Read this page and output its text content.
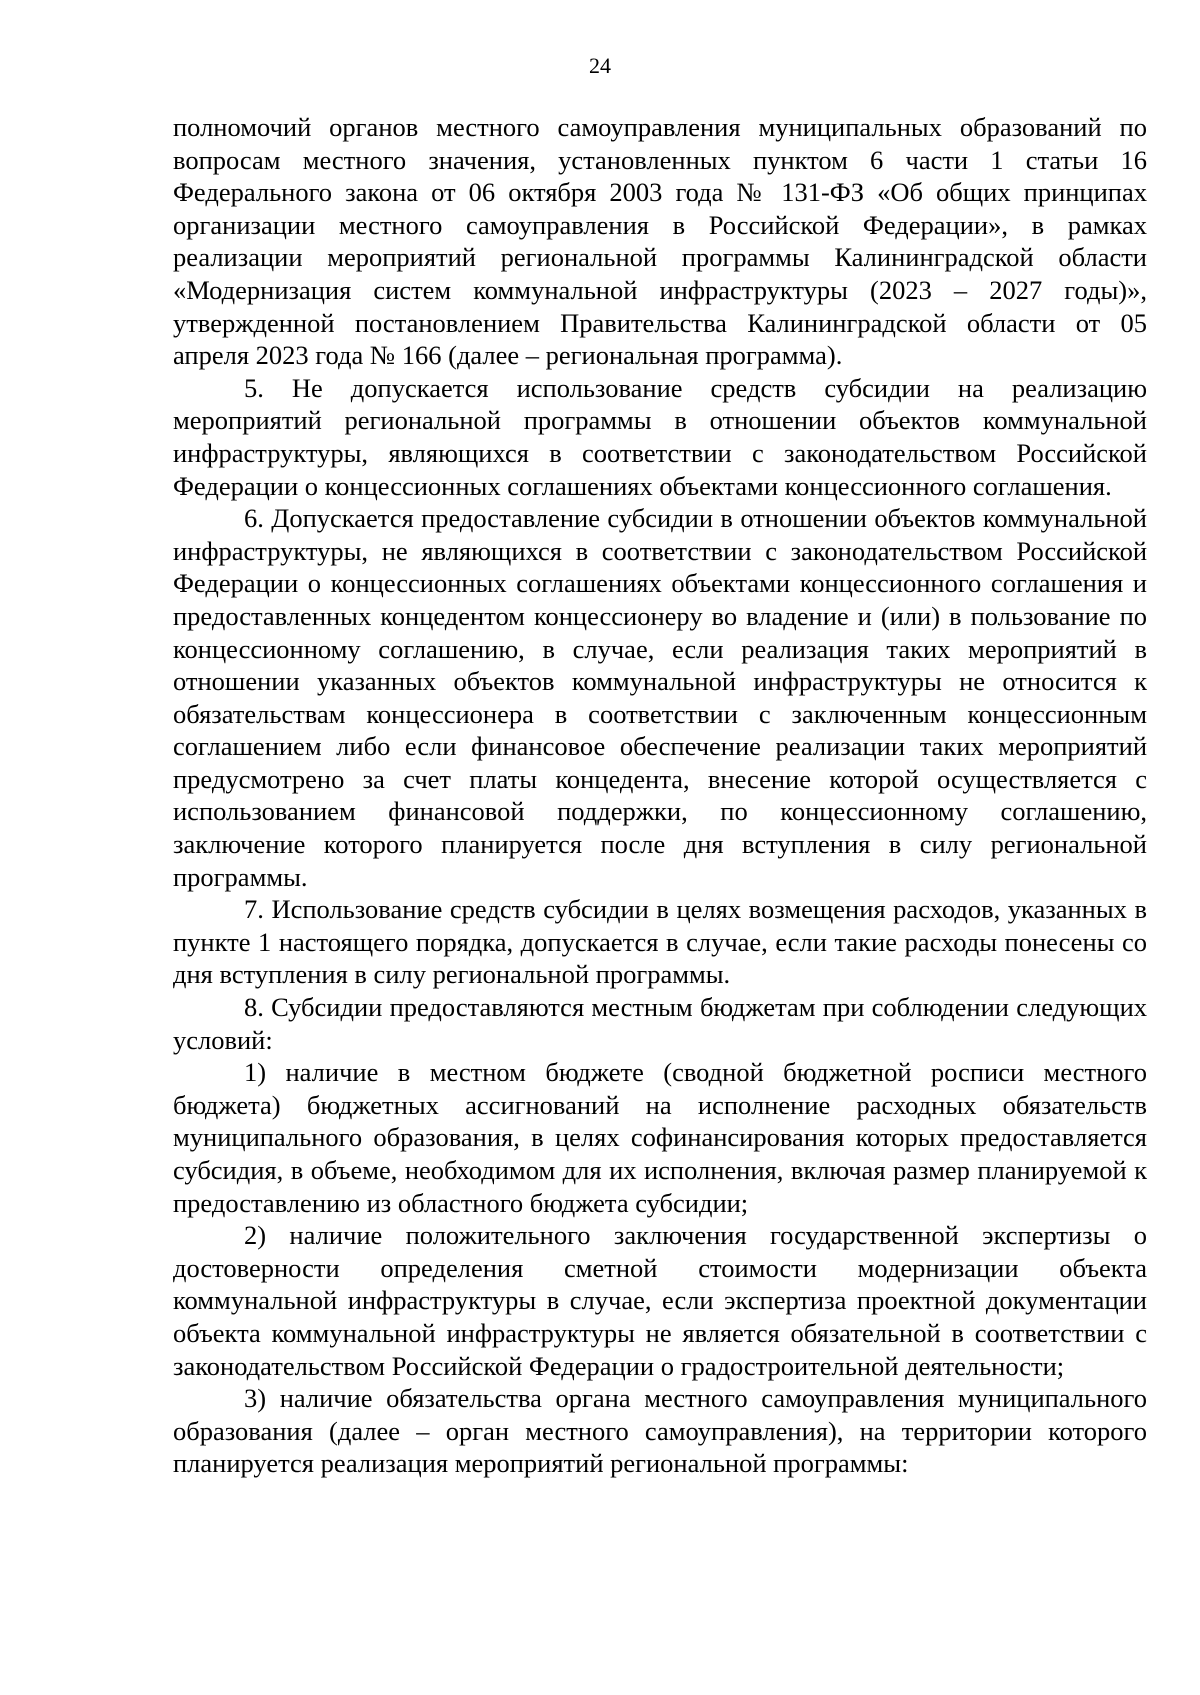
24

полномочий органов местного самоуправления муниципальных образований по вопросам местного значения, установленных пунктом 6 части 1 статьи 16 Федерального закона от 06 октября 2003 года № 131-ФЗ «Об общих принципах организации местного самоуправления в Российской Федерации», в рамках реализации мероприятий региональной программы Калининградской области «Модернизация систем коммунальной инфраструктуры (2023 – 2027 годы)», утвержденной постановлением Правительства Калининградской области от 05 апреля 2023 года № 166 (далее – региональная программа).

5. Не допускается использование средств субсидии на реализацию мероприятий региональной программы в отношении объектов коммунальной инфраструктуры, являющихся в соответствии с законодательством Российской Федерации о концессионных соглашениях объектами концессионного соглашения.

6. Допускается предоставление субсидии в отношении объектов коммунальной инфраструктуры, не являющихся в соответствии с законодательством Российской Федерации о концессионных соглашениях объектами концессионного соглашения и предоставленных концедентом концессионеру во владение и (или) в пользование по концессионному соглашению, в случае, если реализация таких мероприятий в отношении указанных объектов коммунальной инфраструктуры не относится к обязательствам концессионера в соответствии с заключенным концессионным соглашением либо если финансовое обеспечение реализации таких мероприятий предусмотрено за счет платы концедента, внесение которой осуществляется с использованием финансовой поддержки, по концессионному соглашению, заключение которого планируется после дня вступления в силу региональной программы.

7. Использование средств субсидии в целях возмещения расходов, указанных в пункте 1 настоящего порядка, допускается в случае, если такие расходы понесены со дня вступления в силу региональной программы.

8. Субсидии предоставляются местным бюджетам при соблюдении следующих условий:

1) наличие в местном бюджете (сводной бюджетной росписи местного бюджета) бюджетных ассигнований на исполнение расходных обязательств муниципального образования, в целях софинансирования которых предоставляется субсидия, в объеме, необходимом для их исполнения, включая размер планируемой к предоставлению из областного бюджета субсидии;

2) наличие положительного заключения государственной экспертизы о достоверности определения сметной стоимости модернизации объекта коммунальной инфраструктуры в случае, если экспертиза проектной документации объекта коммунальной инфраструктуры не является обязательной в соответствии с законодательством Российской Федерации о градостроительной деятельности;

3) наличие обязательства органа местного самоуправления муниципального образования (далее – орган местного самоуправления), на территории которого планируется реализация мероприятий региональной программы:
